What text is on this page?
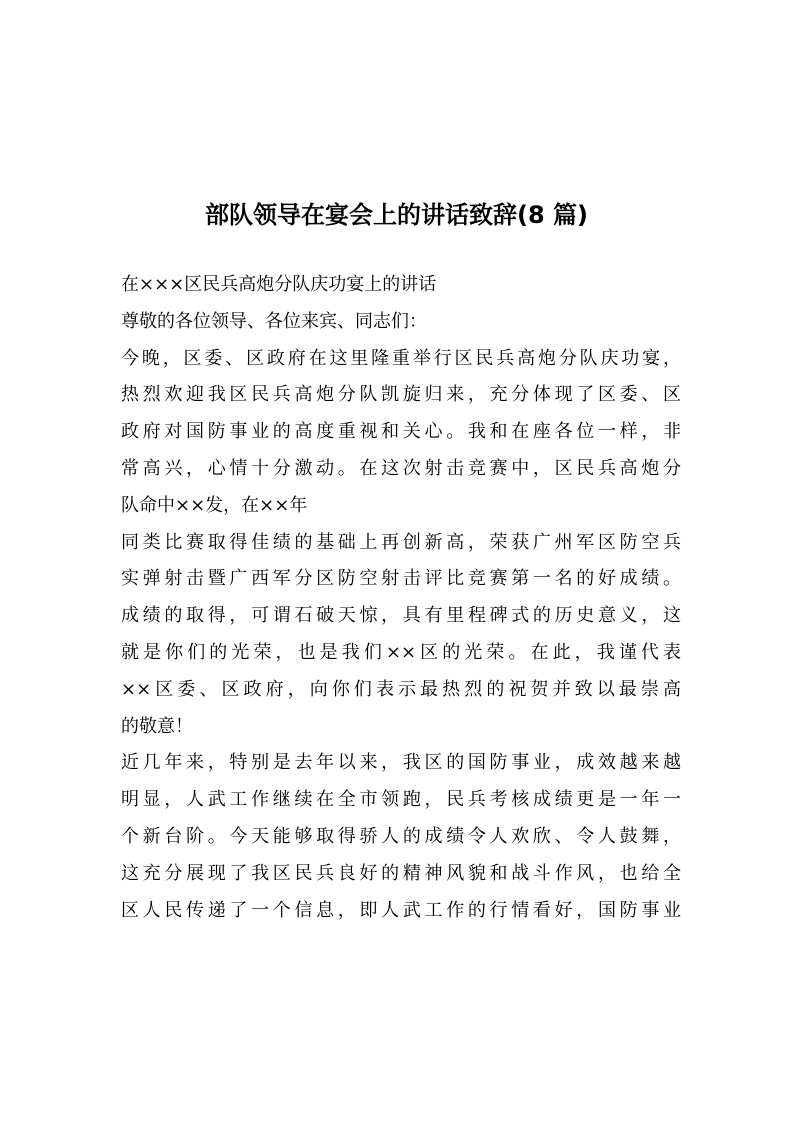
部队领导在宴会上的讲话致辞(8 篇)

在×××区民兵高炮分队庆功宴上的讲话

尊敬的各位领导、各位来宾、同志们：

今晚，区委、区政府在这里隆重举行区民兵高炮分队庆功宴，

热烈欢迎我区民兵高炮分队凯旋归来，充分体现了区委、区

政府对国防事业的高度重视和关心。我和在座各位一样，非

常高兴，心情十分激动。在这次射击竞赛中，区民兵高炮分

队命中××发，在××年

同类比赛取得佳绩的基础上再创新高，荣获广州军区防空兵

实弹射击暨广西军分区防空射击评比竞赛第一名的好成绩。

成绩的取得，可谓石破天惊，具有里程碑式的历史意义，这

就是你们的光荣，也是我们××区的光荣。在此，我谨代表

××区委、区政府，向你们表示最热烈的祝贺并致以最崇高

的敬意！

近几年来，特别是去年以来，我区的国防事业，成效越来越

明显，人武工作继续在全市领跑，民兵考核成绩更是一年一

个新台阶。今天能够取得骄人的成绩令人欢欣、令人鼓舞，

这充分展现了我区民兵良好的精神风貌和战斗作风，也给全

区人民传递了一个信息，即人武工作的行情看好，国防事业
